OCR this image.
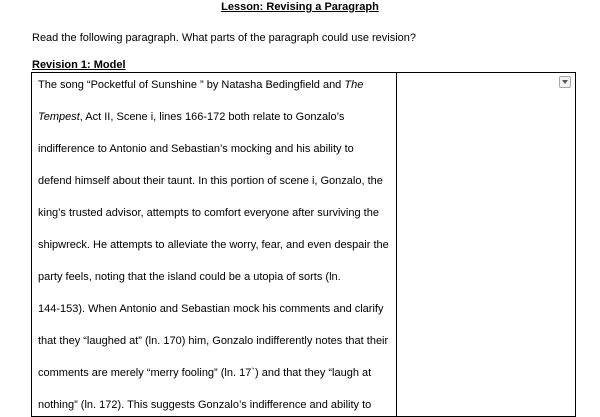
Lesson: Revising a Paragraph
Read the following paragraph. What parts of the paragraph could use revision?
Revision 1: Model
The song “Pocketful of Sunshine ” by Natasha Bedingfield and The
Tempest, Act II, Scene i, lines 166-172 both relate to Gonzalo’s
indifference to Antonio and Sebastian’s mocking and his ability to
defend himself about their taunt. In this portion of scene i, Gonzalo, the
king’s trusted advisor, attempts to comfort everyone after surviving the
shipwreck. He attempts to alleviate the worry, fear, and even despair the
party feels, noting that the island could be a utopia of sorts (ln.
144-153). When Antonio and Sebastian mock his comments and clarify
that they “laughed at” (ln. 170) him, Gonzalo indifferently notes that their
comments are merely “merry fooling” (ln. 17`) and that they “laugh at
nothing” (ln. 172). This suggests Gonzalo’s indifference and ability to
